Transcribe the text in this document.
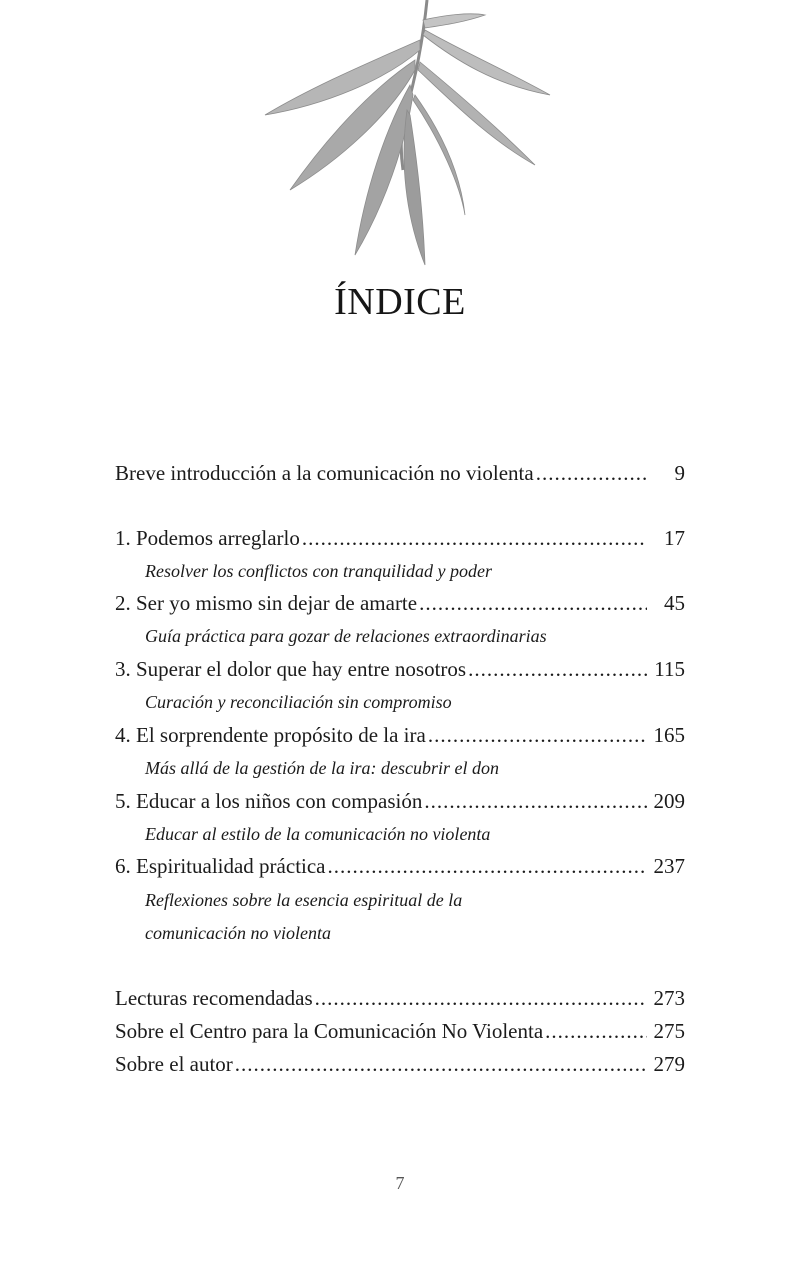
ÍNDICE
Breve introducción a la comunicación no violenta .....	9
1. Podemos arreglarlo .....	17
Resolver los conflictos con tranquilidad y poder
2. Ser yo mismo sin dejar de amarte .....	45
Guía práctica para gozar de relaciones extraordinarias
3. Superar el dolor que hay entre nosotros .....	115
Curación y reconciliación sin compromiso
4. El sorprendente propósito de la ira .....	165
Más allá de la gestión de la ira: descubrir el don
5. Educar a los niños con compasión .....	209
Educar al estilo de la comunicación no violenta
6. Espiritualidad práctica .....	237
Reflexiones sobre la esencia espiritual de la
comunicación no violenta
Lecturas recomendadas .....	273
Sobre el Centro para la Comunicación No Violenta .....	275
Sobre el autor .....	279
7
